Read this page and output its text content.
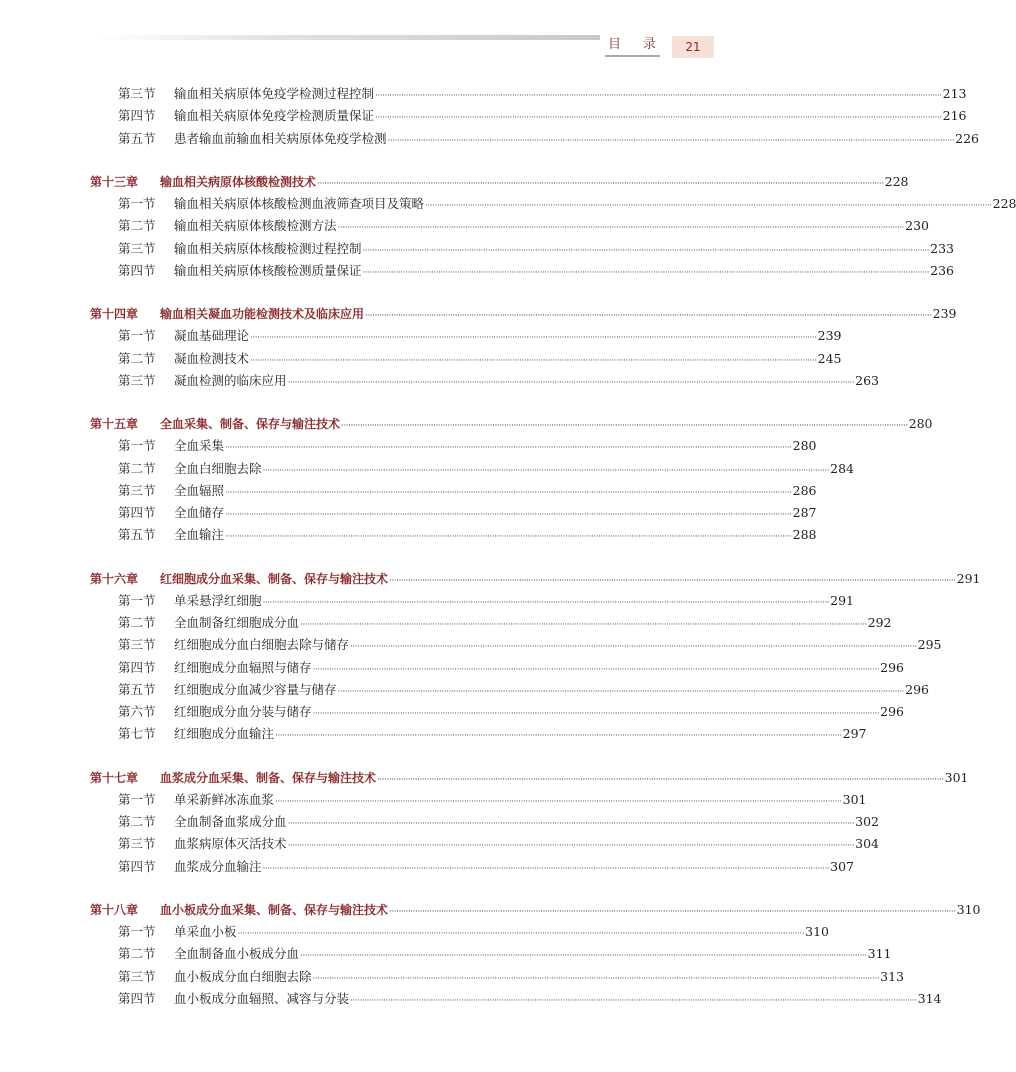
目 录	21
第三节	输血相关病原体免疫学检测过程控制 ················································································································································································································································ 213
第四节	输血相关病原体免疫学检测质量保证 ················································································································································································································································ 216
第五节	患者输血前输血相关病原体免疫学检测 ················································································································································································································································ 226
第十三章	输血相关病原体核酸检测技术 ················································································································································································································································ 228
第一节	输血相关病原体核酸检测血液筛查项目及策略 ················································································································································································································································ 228
第二节	输血相关病原体核酸检测方法 ················································································································································································································································ 230
第三节	输血相关病原体核酸检测过程控制 ················································································································································································································································ 233
第四节	输血相关病原体核酸检测质量保证 ················································································································································································································································ 236
第十四章	输血相关凝血功能检测技术及临床应用 ················································································································································································································································ 239
第一节	凝血基础理论 ················································································································································································································································ 239
第二节	凝血检测技术 ················································································································································································································································ 245
第三节	凝血检测的临床应用 ················································································································································································································································ 263
第十五章	全血采集、制备、保存与输注技术 ················································································································································································································································ 280
第一节	全血采集 ················································································································································································································································ 280
第二节	全血白细胞去除 ················································································································································································································································ 284
第三节	全血辐照 ················································································································································································································································ 286
第四节	全血储存 ················································································································································································································································ 287
第五节	全血输注 ················································································································································································································································ 288
第十六章	红细胞成分血采集、制备、保存与输注技术 ················································································································································································································································ 291
第一节	单采悬浮红细胞 ················································································································································································································································ 291
第二节	全血制备红细胞成分血 ················································································································································································································································ 292
第三节	红细胞成分血白细胞去除与储存 ················································································································································································································································ 295
第四节	红细胞成分血辐照与储存 ················································································································································································································································ 296
第五节	红细胞成分血减少容量与储存 ················································································································································································································································ 296
第六节	红细胞成分血分装与储存 ················································································································································································································································ 296
第七节	红细胞成分血输注 ················································································································································································································································ 297
第十七章	血浆成分血采集、制备、保存与输注技术 ················································································································································································································································ 301
第一节	单采新鲜冰冻血浆 ················································································································································································································································ 301
第二节	全血制备血浆成分血 ················································································································································································································································ 302
第三节	血浆病原体灭活技术 ················································································································································································································································ 304
第四节	血浆成分血输注 ················································································································································································································································ 307
第十八章	血小板成分血采集、制备、保存与输注技术 ················································································································································································································································ 310
第一节	单采血小板 ················································································································································································································································ 310
第二节	全血制备血小板成分血 ················································································································································································································································ 311
第三节	血小板成分血白细胞去除 ················································································································································································································································ 313
第四节	血小板成分血辐照、减容与分装 ················································································································································································································································ 314
